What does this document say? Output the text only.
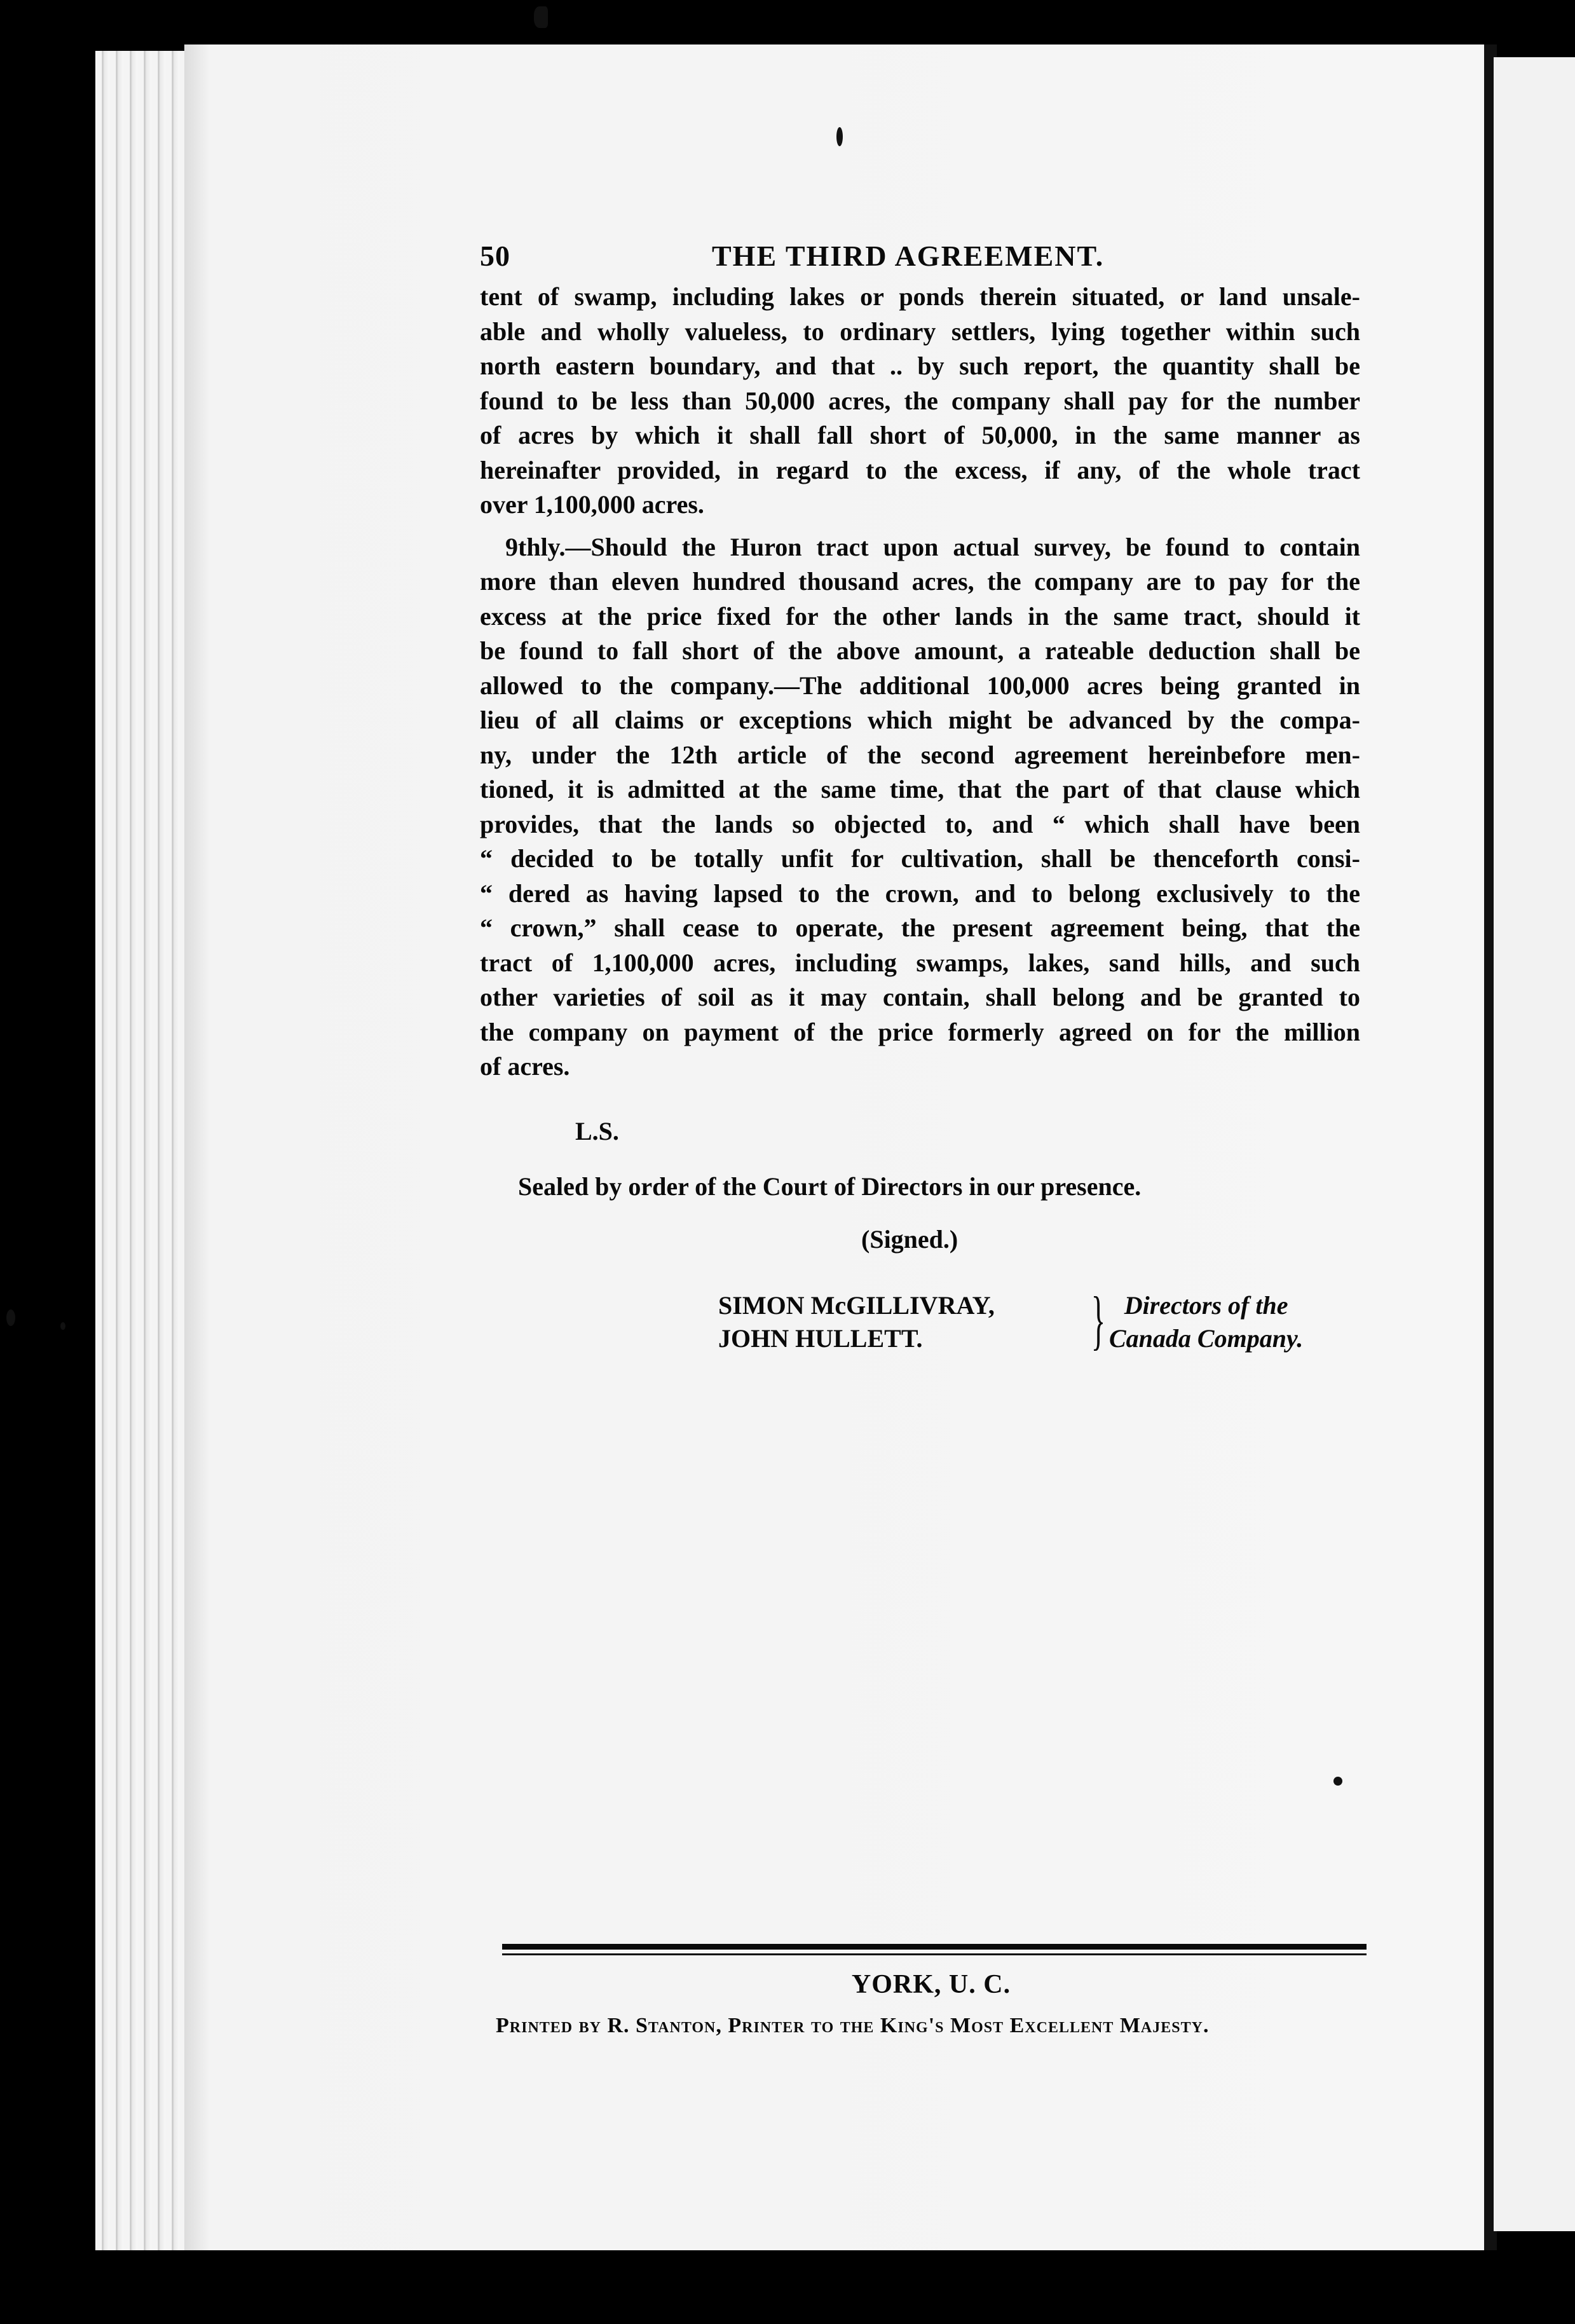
50	THE THIRD AGREEMENT.

tent of swamp, including lakes or ponds therein situated, or land unsale-
able and wholly valueless, to ordinary settlers, lying together within such
north eastern boundary, and that .. by such report, the quantity shall be
found to be less than 50,000 acres, the company shall pay for the number
of acres by which it shall fall short of 50,000, in the same manner as
hereinafter provided, in regard to the excess, if any, of the whole tract
over 1,100,000 acres.

9thly.—Should the Huron tract upon actual survey, be found to contain
more than eleven hundred thousand acres, the company are to pay for the
excess at the price fixed for the other lands in the same tract, should it
be found to fall short of the above amount, a rateable deduction shall be
allowed to the company.—The additional 100,000 acres being granted in
lieu of all claims or exceptions which might be advanced by the compa-
ny, under the 12th article of the second agreement hereinbefore men-
tioned, it is admitted at the same time, that the part of that clause which
provides, that the lands so objected to, and “ which shall have been
“ decided to be totally unfit for cultivation, shall be thenceforth consi-
“ dered as having lapsed to the crown, and to belong exclusively to the
“ crown,” shall cease to operate, the present agreement being, that the
tract of 1,100,000 acres, including swamps, lakes, sand hills, and such
other varieties of soil as it may contain, shall belong and be granted to
the company on payment of the price formerly agreed on for the million
of acres.

L.S.
Sealed by order of the Court of Directors in our presence.
(Signed.)
SIMON McGILLIVRAY,
JOHN HULLETT.	} Directors of the
Canada Company.
YORK, U. C.
Printed by R. Stanton, Printer to the King's Most Excellent Majesty.
